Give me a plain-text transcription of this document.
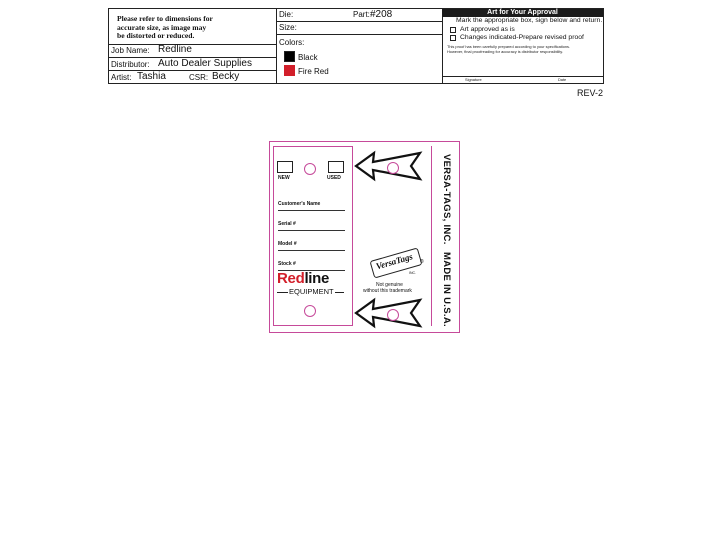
Please refer to dimensions for
accurate size, as image may
be distorted or reduced.
Job Name: Redline
Distributor: Auto Dealer Supplies
Artist: Tashia	CSR: Becky
Die:	Part: #208
Size:
Colors:
Black
Fire Red
Art for Your Approval
Mark the appropriate box, sign below and return.
Art approved as is
Changes indicated-Prepare revised proof
This proof has been carefully prepared according to your specifications.
However, final proofreading for accuracy is distributor responsibility.
Signature	Date
REV-2
NEW	USED
Customer's Name
Serial #
Model #
Stock #
Redline
EQUIPMENT
VersaTags ®
INC.
Not genuine
without this trademark
VERSA-TAGS, INC.
MADE IN U.S.A.
